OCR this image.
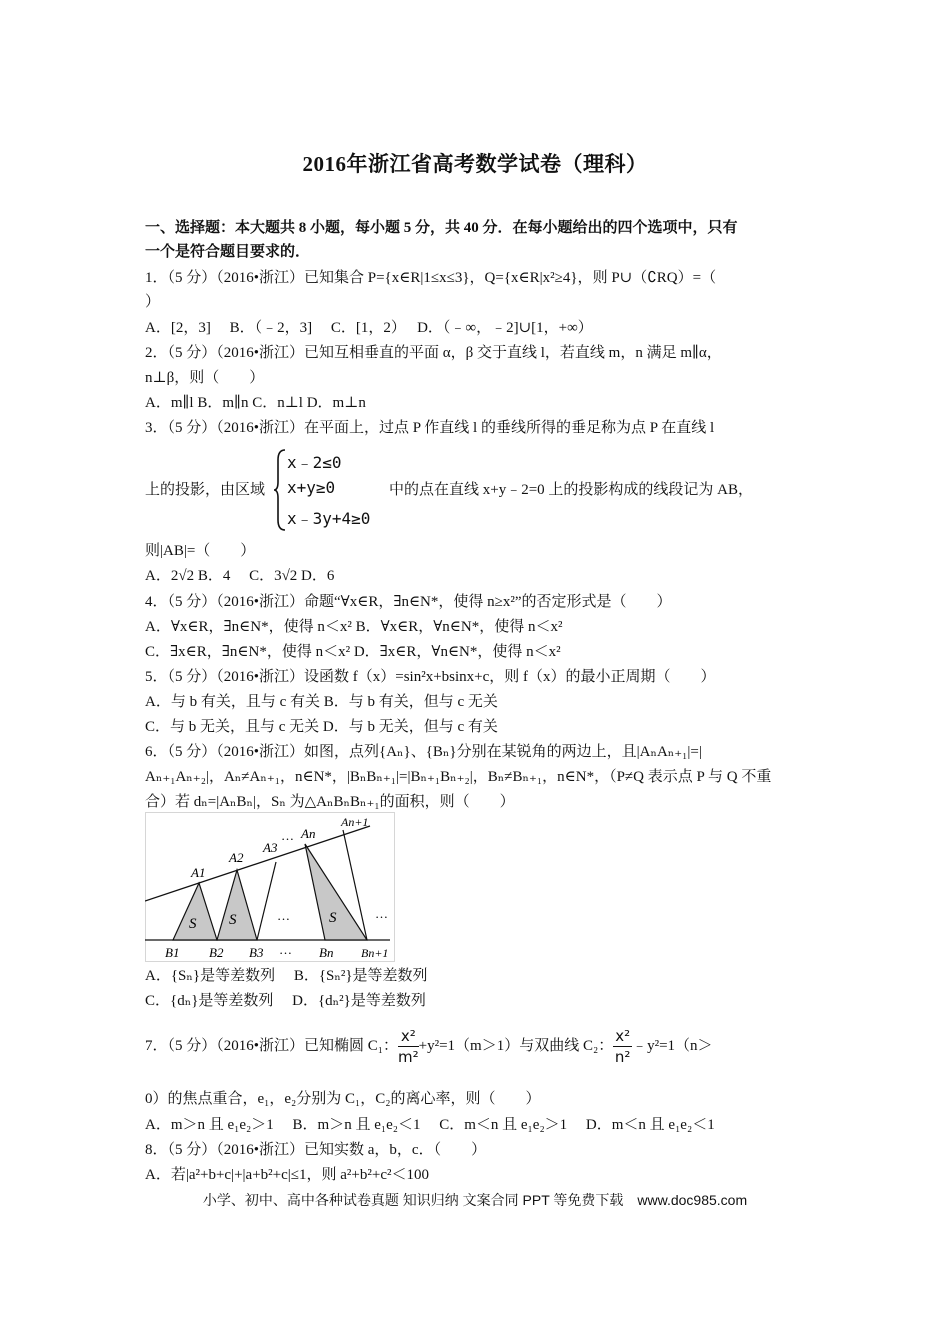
2016年浙江省高考数学试卷（理科）
一、选择题：本大题共 8 小题，每小题 5 分，共 40 分．在每小题给出的四个选项中，只有
一个是符合题目要求的．
1．（5 分）（2016•浙江）已知集合 P={x∈R|1≤x≤3}，Q={x∈R|x²≥4}，则 P∪（∁RQ）=（
）
A．[2，3]　 B．（﹣2，3]　 C．[1，2）　 D．（﹣∞，﹣2]∪[1，+∞）
2．（5 分）（2016•浙江）已知互相垂直的平面 α，β 交于直线 l，若直线 m，n 满足 m∥α，
n⊥β，则（　　）
A．m∥l B．m∥n C．n⊥l D．m⊥n
3．（5 分）（2016•浙江）在平面上，过点 P 作直线 l 的垂线所得的垂足称为点 P 在直线 l
上的投影，由区域
x﹣2≤0
x+y≥0
x﹣3y+4≥0
中的点在直线 x+y﹣2=0 上的投影构成的线段记为 AB，
则|AB|=（　　）
A．2√2 B．4　 C．3√2 D．6
4．（5 分）（2016•浙江）命题“∀x∈R，∃n∈N*，使得 n≥x²”的否定形式是（　　）
A．∀x∈R，∃n∈N*，使得 n＜x² B．∀x∈R，∀n∈N*，使得 n＜x²
C．∃x∈R，∃n∈N*，使得 n＜x² D．∃x∈R，∀n∈N*，使得 n＜x²
5．（5 分）（2016•浙江）设函数 f（x）=sin²x+bsinx+c，则 f（x）的最小正周期（　　）
A．与 b 有关，且与 c 有关 B．与 b 有关，但与 c 无关
C．与 b 无关，且与 c 无关 D．与 b 无关，但与 c 有关
6．（5 分）（2016•浙江）如图，点列{Aₙ}、{Bₙ}分别在某锐角的两边上，且|AₙAₙ₊₁|=|
Aₙ₊₁Aₙ₊₂|，Aₙ≠Aₙ₊₁，n∈N*，|BₙBₙ₊₁|=|Bₙ₊₁Bₙ₊₂|，Bₙ≠Bₙ₊₁，n∈N*，（P≠Q 表示点 P 与 Q 不重
合）若 dₙ=|AₙBₙ|，Sₙ 为△AₙBₙBₙ₊₁的面积，则（　　）
A1
A2
A3
… An
An+1
S S	S
…	…
B1 B2 B3 … Bn Bn+1
A．{Sₙ}是等差数列　 B．{Sₙ²}是等差数列
C．{dₙ}是等差数列　 D．{dₙ²}是等差数列
7．（5 分）（2016•浙江）已知椭圆 C₁： $\frac{\text{x²}}{\text{m²}} +y^2=1(m>1)$与双曲线 C₂： $\frac{\text{x²}}{\text{n²}}$ ﹣y²=1（n＞
0）的焦点重合，e₁，e₂分别为 C₁，C₂的离心率，则（　　）
A．m＞n 且 e₁e₂＞1　 B．m＞n 且 e₁e₂＜1　 C．m＜n 且 e₁e₂＞1　 D．m＜n 且 e₁e₂＜1
8．（5 分）（2016•浙江）已知实数 a，b，c．（　　）
A．若|a²+b+c|+|a+b²+c|≤1，则 a²+b²+c²＜100
小学、初中、高中各种试卷真题 知识归纳 文案合同 PPT 等免费下载　www.doc985.com
